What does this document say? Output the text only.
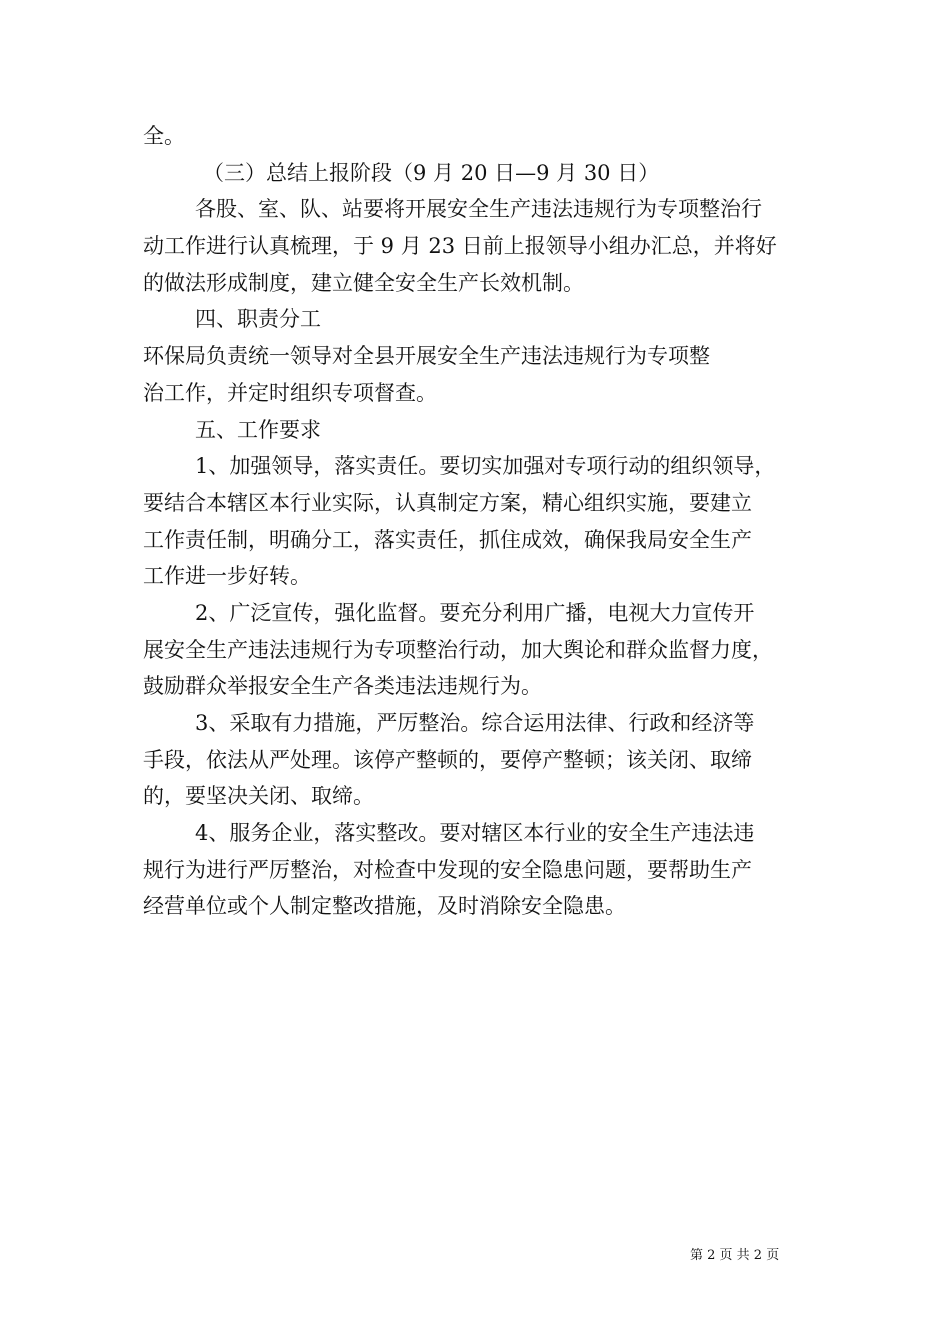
全。
（三）总结上报阶段（9 月 20 日—9 月 30 日）
各股、室、队、站要将开展安全生产违法违规行为专项整治行
动工作进行认真梳理，于 9 月 23 日前上报领导小组办汇总，并将好
的做法形成制度，建立健全安全生产长效机制。
四、职责分工
环保局负责统一领导对全县开展安全生产违法违规行为专项整
治工作，并定时组织专项督查。
五、工作要求
1、加强领导，落实责任。要切实加强对专项行动的组织领导，
要结合本辖区本行业实际，认真制定方案，精心组织实施，要建立
工作责任制，明确分工，落实责任，抓住成效，确保我局安全生产
工作进一步好转。
2、广泛宣传，强化监督。要充分利用广播，电视大力宣传开
展安全生产违法违规行为专项整治行动，加大舆论和群众监督力度，
鼓励群众举报安全生产各类违法违规行为。
3、采取有力措施，严厉整治。综合运用法律、行政和经济等
手段，依法从严处理。该停产整顿的，要停产整顿；该关闭、取缔
的，要坚决关闭、取缔。
4、服务企业，落实整改。要对辖区本行业的安全生产违法违
规行为进行严厉整治，对检查中发现的安全隐患问题，要帮助生产
经营单位或个人制定整改措施，及时消除安全隐患。
第 2 页 共 2 页
